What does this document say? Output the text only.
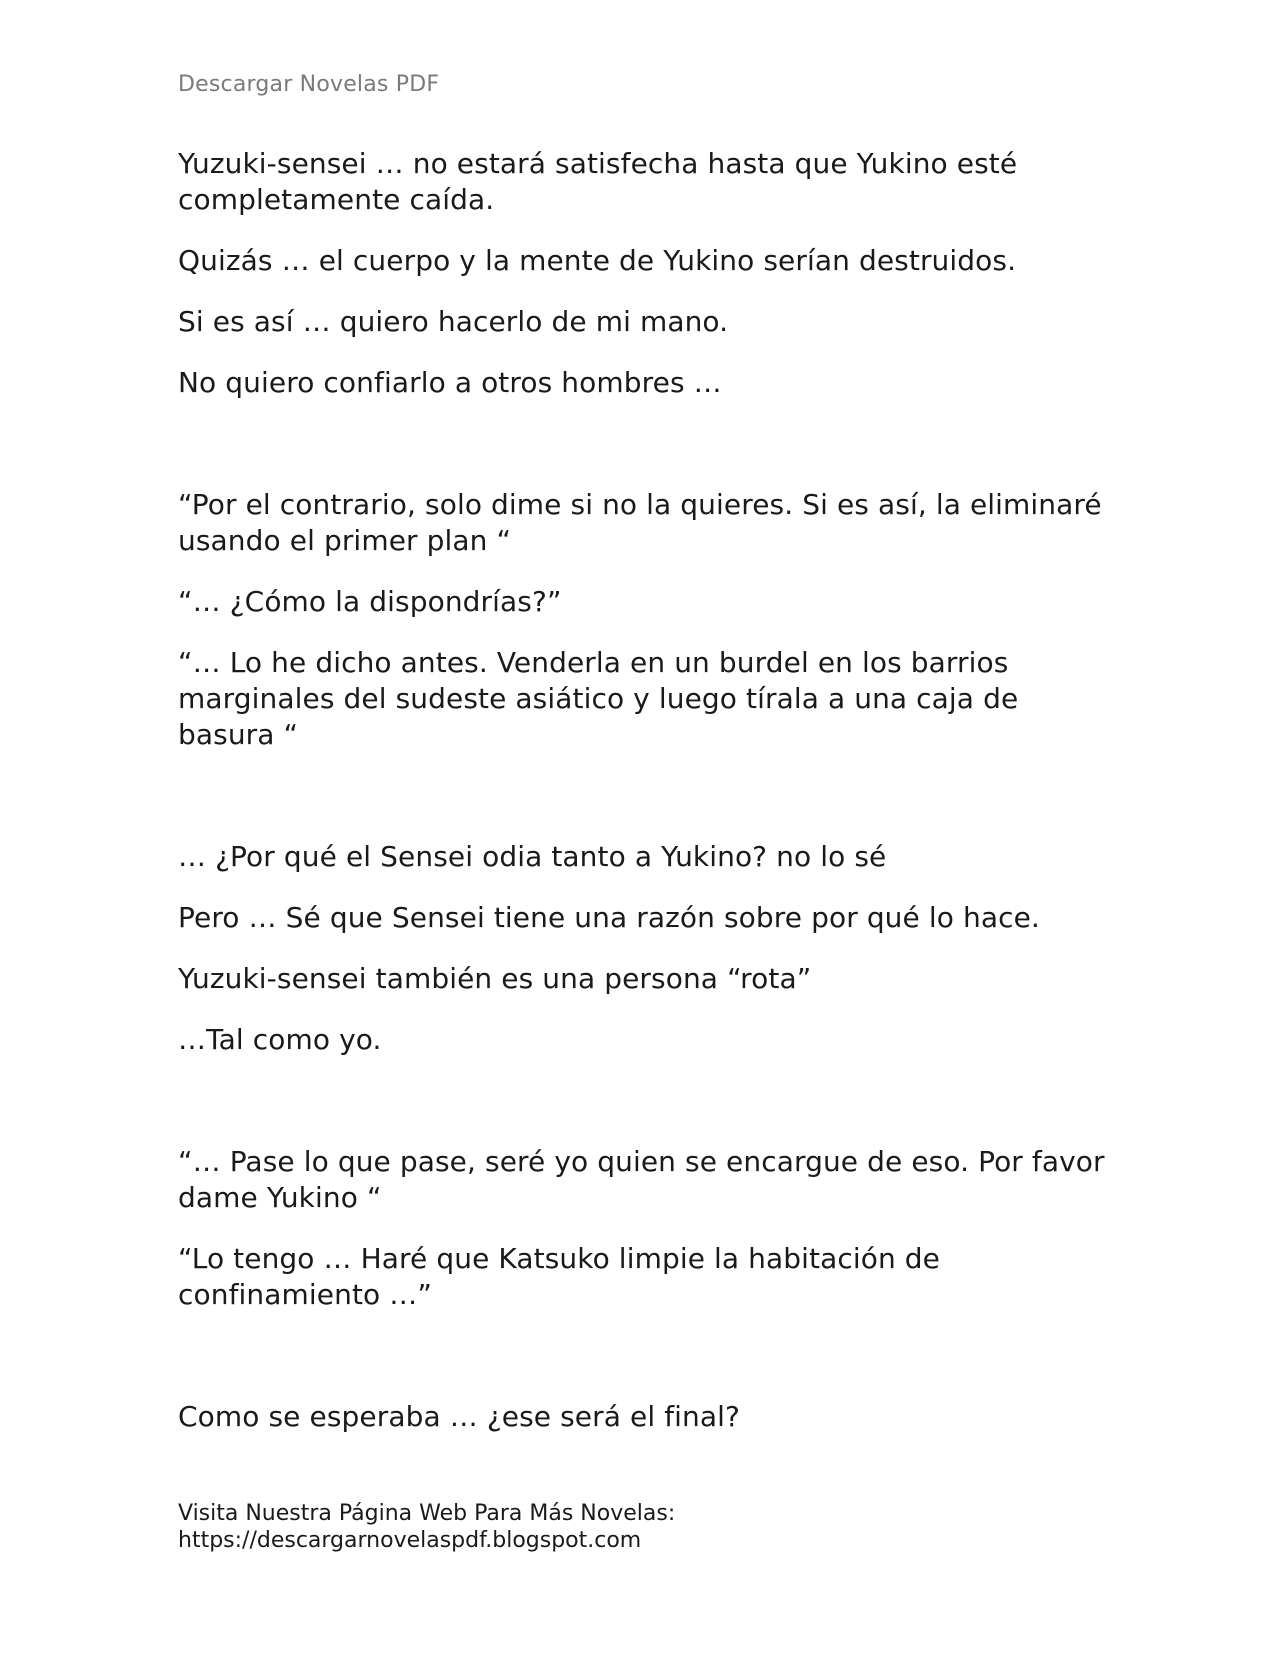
Descargar Novelas PDF

Yuzuki-sensei … no estará satisfecha hasta que Yukino esté completamente caída.

Quizás … el cuerpo y la mente de Yukino serían destruidos.

Si es así … quiero hacerlo de mi mano.

No quiero confiarlo a otros hombres …

“Por el contrario, solo dime si no la quieres. Si es así, la eliminaré usando el primer plan “

“… ¿Cómo la dispondrías?”

“… Lo he dicho antes. Venderla en un burdel en los barrios marginales del sudeste asiático y luego tírala a una caja de basura “

… ¿Por qué el Sensei odia tanto a Yukino? no lo sé

Pero … Sé que Sensei tiene una razón sobre por qué lo hace.

Yuzuki-sensei también es una persona “rota”

…Tal como yo.

“… Pase lo que pase, seré yo quien se encargue de eso. Por favor dame Yukino “

“Lo tengo … Haré que Katsuko limpie la habitación de confinamiento …”

Como se esperaba … ¿ese será el final?

Visita Nuestra Página Web Para Más Novelas:
https://descargarnovelaspdf.blogspot.com
